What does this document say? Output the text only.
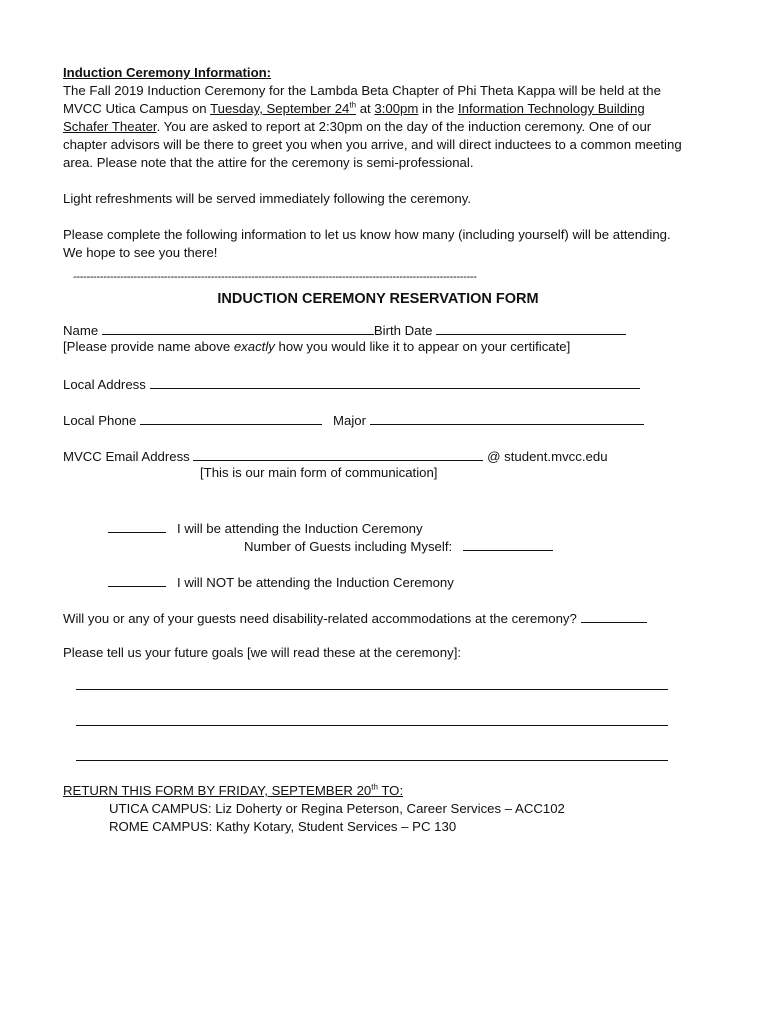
Induction Ceremony Information:

The Fall 2019 Induction Ceremony for the Lambda Beta Chapter of Phi Theta Kappa will be held at the MVCC Utica Campus on Tuesday, September 24th at 3:00pm in the Information Technology Building Schafer Theater. You are asked to report at 2:30pm on the day of the induction ceremony. One of our chapter advisors will be there to greet you when you arrive, and will direct inductees to a common meeting area. Please note that the attire for the ceremony is semi-professional.

Light refreshments will be served immediately following the ceremony.

Please complete the following information to let us know how many (including yourself) will be attending. We hope to see you there!

------------------------------------------------------------------------------------------------------------------------

INDUCTION CEREMONY RESERVATION FORM

Name	Birth Date
[Please provide name above exactly how you would like it to appear on your certificate]
Local Address
Local Phone	Major
MVCC Email Address	@ student.mvcc.edu
[This is our main form of communication]
I will be attending the Induction Ceremony
Number of Guests including Myself:
I will NOT be attending the Induction Ceremony
Will you or any of your guests need disability-related accommodations at the ceremony?
Please tell us your future goals [we will read these at the ceremony]:
RETURN THIS FORM BY FRIDAY, SEPTEMBER 20th TO:
UTICA CAMPUS: Liz Doherty or Regina Peterson, Career Services – ACC102
ROME CAMPUS: Kathy Kotary, Student Services – PC 130
